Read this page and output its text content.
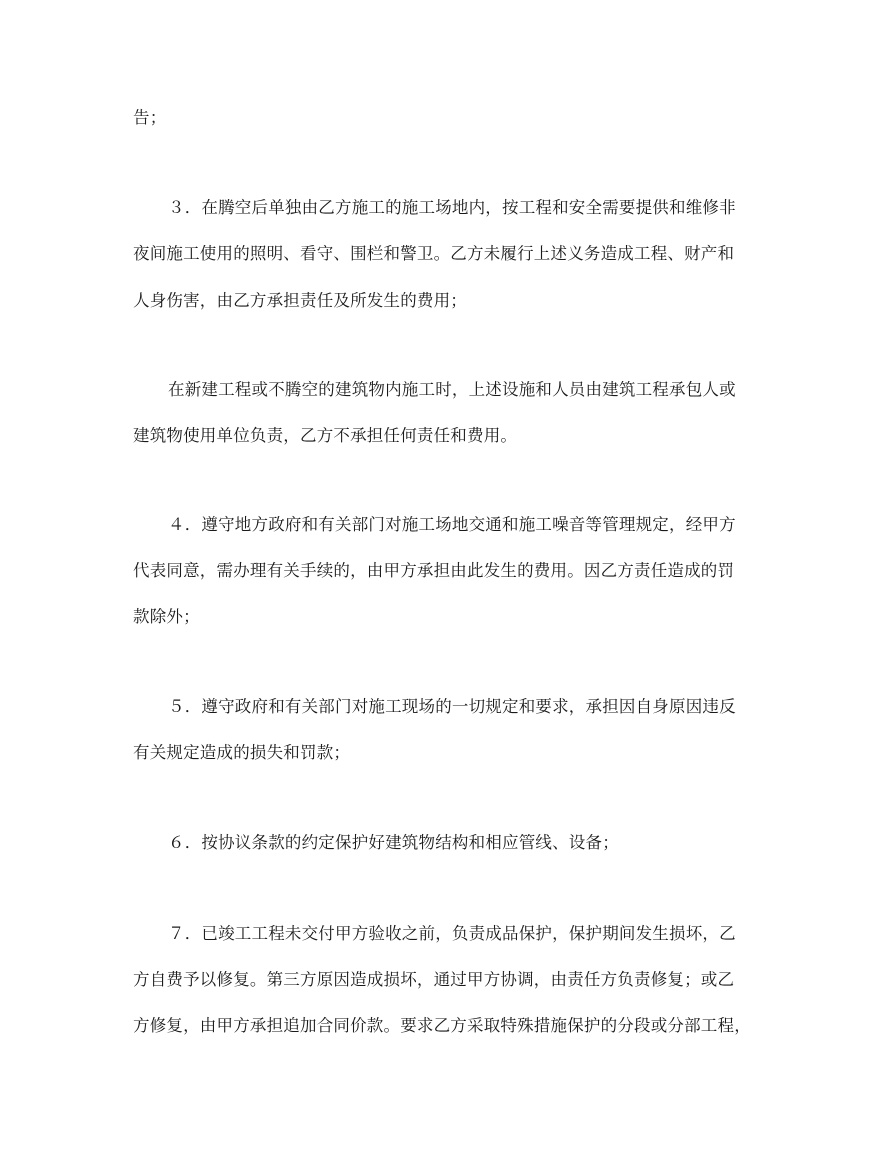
告；
３．在腾空后单独由乙方施工的施工场地内，按工程和安全需要提供和维修非
夜间施工使用的照明、看守、围栏和警卫。乙方未履行上述义务造成工程、财产和
人身伤害，由乙方承担责任及所发生的费用；
在新建工程或不腾空的建筑物内施工时，上述设施和人员由建筑工程承包人或
建筑物使用单位负责，乙方不承担任何责任和费用。
４．遵守地方政府和有关部门对施工场地交通和施工噪音等管理规定，经甲方
代表同意，需办理有关手续的，由甲方承担由此发生的费用。因乙方责任造成的罚
款除外；
５．遵守政府和有关部门对施工现场的一切规定和要求，承担因自身原因违反
有关规定造成的损失和罚款；
６．按协议条款的约定保护好建筑物结构和相应管线、设备；
７．已竣工工程未交付甲方验收之前，负责成品保护，保护期间发生损坏，乙
方自费予以修复。第三方原因造成损坏，通过甲方协调，由责任方负责修复；或乙
方修复，由甲方承担追加合同价款。要求乙方采取特殊措施保护的分段或分部工程，
